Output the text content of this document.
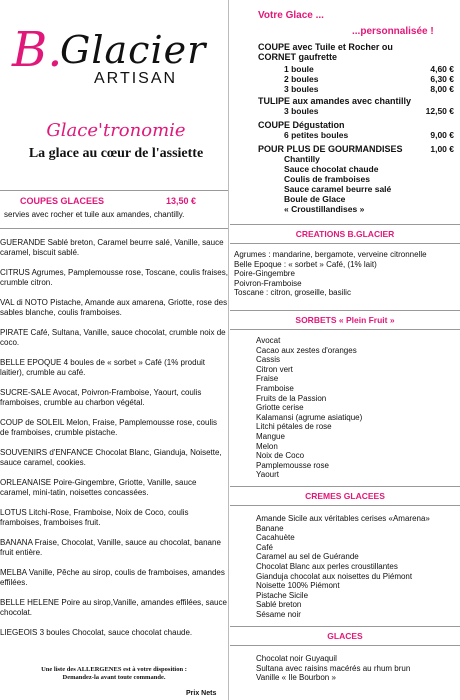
B.
Glacier
ARTISAN
Glace'tronomie
La glace au cœur de l'assiette
COUPES GLACEES	13,50 €
servies avec rocher et tuile aux amandes, chantilly.
GUERANDE Sablé breton, Caramel beurre salé, Vanille, sauce caramel, biscuit sablé.
CITRUS Agrumes, Pamplemousse rose, Toscane, coulis fraises, crumble citron.
VAL di NOTO Pistache, Amande aux amarena, Griotte, rose des sables blanche, coulis framboises.
PIRATE Café, Sultana, Vanille, sauce chocolat, crumble noix de coco.
BELLE EPOQUE 4 boules de « sorbet » Café (1% produit laitier), crumble au café.
SUCRE-SALE Avocat, Poivron-Framboise, Yaourt, coulis framboises, crumble au charbon végétal.
COUP de SOLEIL Melon, Fraise, Pamplemousse rose, coulis de framboises, crumble pistache.
SOUVENIRS d'ENFANCE Chocolat Blanc, Gianduja, Noisette, sauce caramel, cookies.
ORLEANAISE Poire-Gingembre, Griotte, Vanille, sauce caramel, mini-tatin, noisettes concassées.
LOTUS Litchi-Rose, Framboise, Noix de Coco, coulis framboises, framboises fruit.
BANANA Fraise, Chocolat, Vanille, sauce au chocolat, banane fruit entière.
MELBA Vanille, Pêche au sirop, coulis de framboises, amandes effilées.
BELLE HELENE Poire au sirop,Vanille, amandes effilées, sauce chocolat.
LIEGEOIS 3 boules Chocolat, sauce chocolat chaude.
Une liste des ALLERGENES est à votre disposition :
Demandez-la avant toute commande.
Prix Nets
Votre Glace ...
...personnalisée !
COUPE avec Tuile et Rocher ou
CORNET gaufrette
1 boule	4,60 €
2 boules	6,30 €
3 boules	8,00 €
TULIPE aux amandes avec chantilly
3 boules	12,50 €
COUPE Dégustation
6 petites boules	9,00 €
POUR PLUS DE GOURMANDISES	1,00 €
Chantilly
Sauce chocolat chaude
Coulis de framboises
Sauce caramel beurre salé
Boule de Glace
« Croustillandises »
CREATIONS B.GLACIER
Agrumes : mandarine, bergamote, verveine citronnelle
Belle Epoque : « sorbet » Café, (1% lait)
Poire-Gingembre
Poivron-Framboise
Toscane : citron, groseille, basilic
SORBETS « Plein Fruit »
Avocat
Cacao aux zestes d'oranges
Cassis
Citron vert
Fraise
Framboise
Fruits de la Passion
Griotte cerise
Kalamansi (agrume asiatique)
Litchi pétales de rose
Mangue
Melon
Noix de Coco
Pamplemousse rose
Yaourt
CREMES GLACEES
Amande Sicile aux véritables cerises «Amarena»
Banane
Cacahuète
Café
Caramel au sel de Guérande
Chocolat Blanc aux perles croustillantes
Gianduja chocolat aux noisettes du Piémont
Noisette 100% Piémont
Pistache Sicile
Sablé breton
Sésame noir
GLACES
Chocolat noir Guyaquil
Sultana avec raisins macérés au rhum brun
Vanille « Ile Bourbon »
